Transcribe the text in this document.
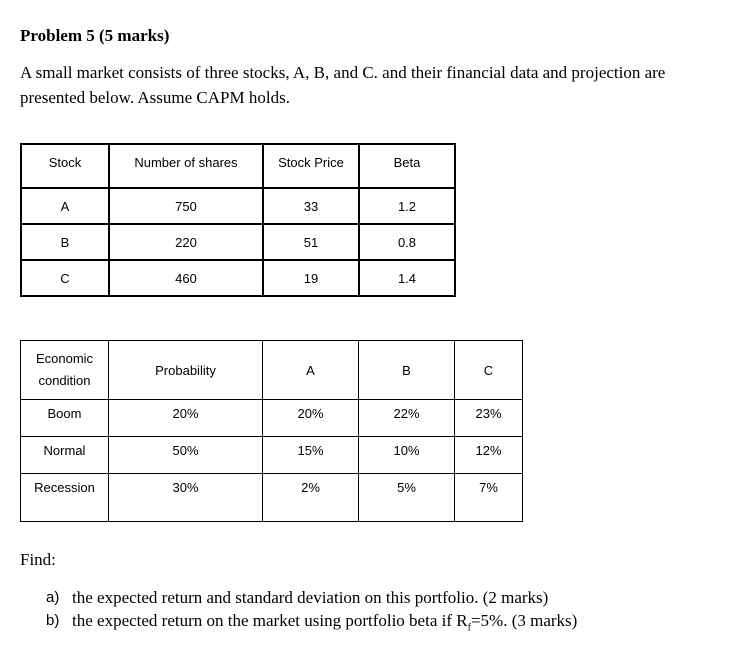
Problem 5 (5 marks)
A small market consists of three stocks, A, B, and C. and their financial data and projection are presented below. Assume CAPM holds.
Stock	Number of shares	Stock Price	Beta
A	750	33	1.2
B	220	51	0.8
C	460	19	1.4
Economic
condition	Probability	A	B	C
Boom	20%	20%	22%	23%
Normal	50%	15%	10%	12%
Recession	30%	2%	5%	7%
Find:
a) the expected return and standard deviation on this portfolio. (2 marks)
b) the expected return on the market using portfolio beta if $R_f=5\%$. (3 marks)
